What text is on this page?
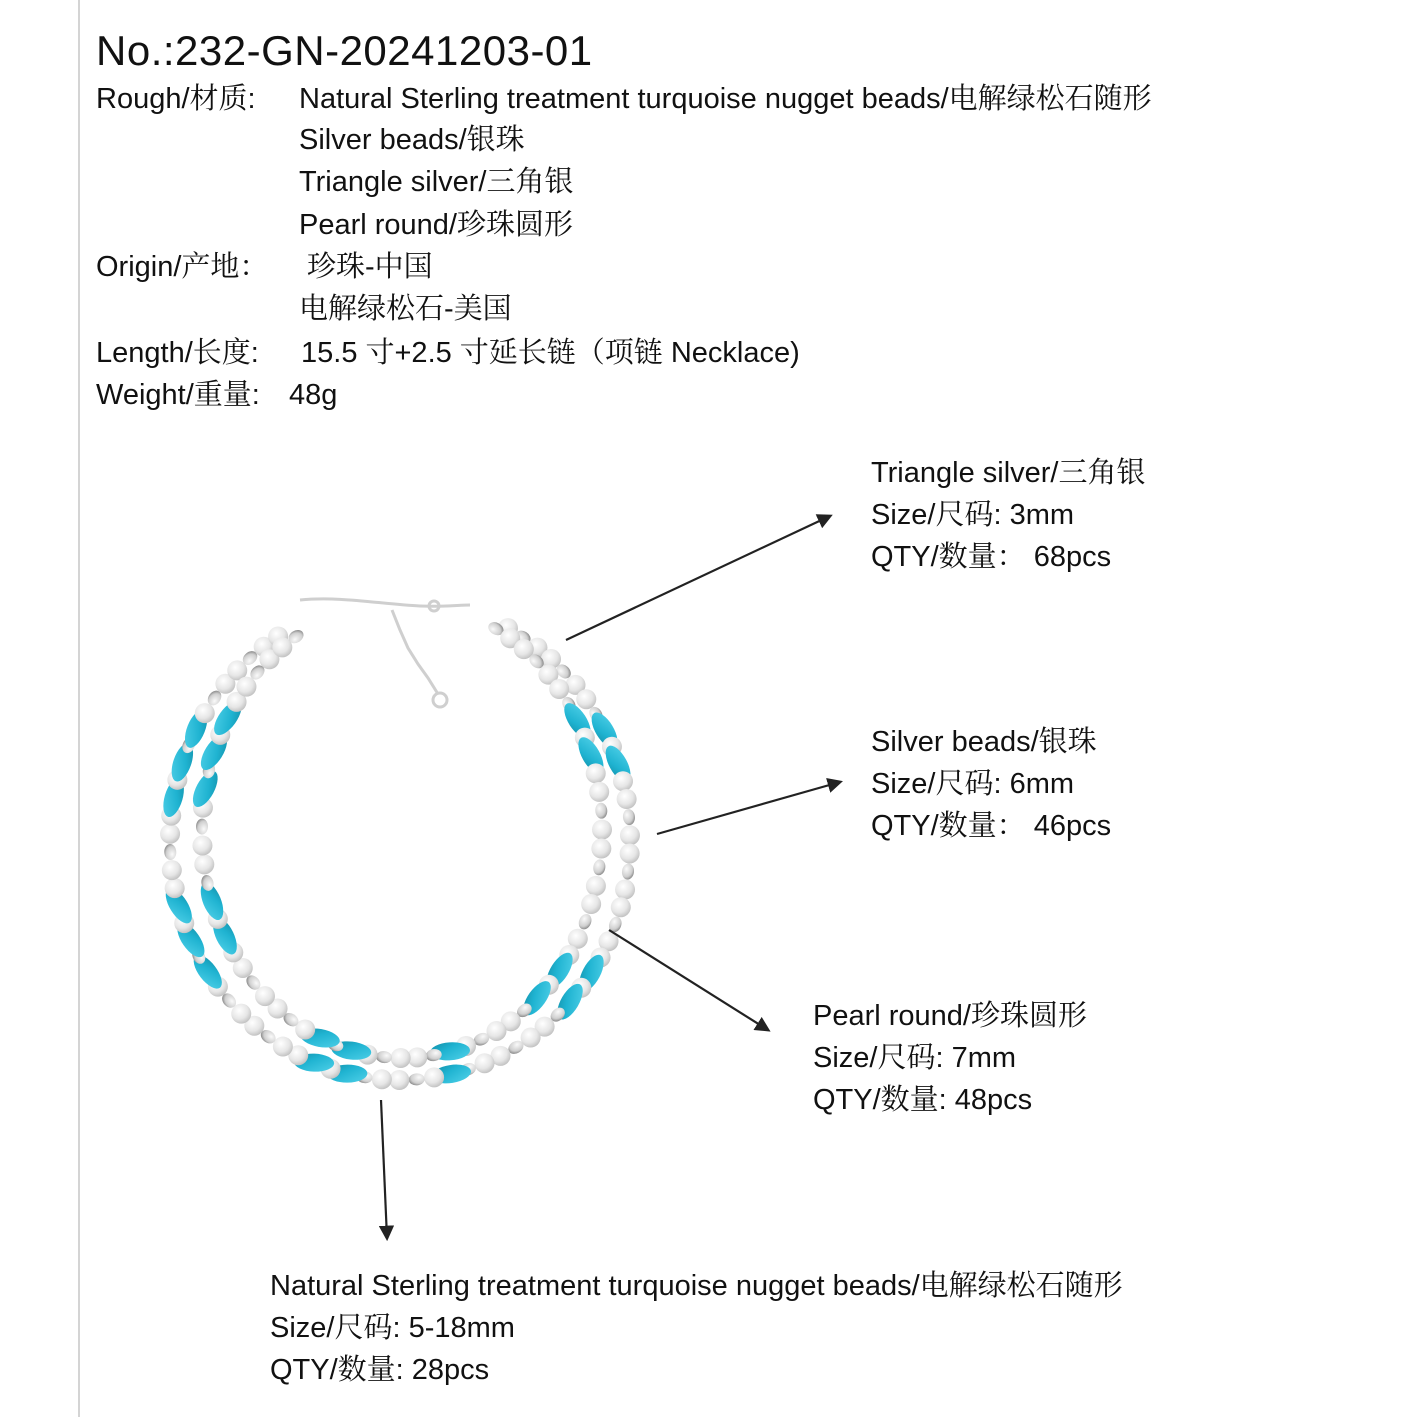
No.:232-GN-20241203-01
Rough/材质: Natural Sterling treatment turquoise nugget beads/电解绿松石随形
Silver beads/银珠
Triangle silver/三角银
Pearl round/珍珠圆形
Origin/产地： 珍珠-中国
电解绿松石-美国
Length/长度: 15.5 寸+2.5 寸延长链（项链 Necklace)
Weight/重量: 48g
Triangle silver/三角银
Size/尺码: 3mm
QTY/数量： 68pcs
Silver beads/银珠
Size/尺码: 6mm
QTY/数量： 46pcs
Pearl round/珍珠圆形
Size/尺码: 7mm
QTY/数量: 48pcs
Natural Sterling treatment turquoise nugget beads/电解绿松石随形
Size/尺码: 5-18mm
QTY/数量: 28pcs
